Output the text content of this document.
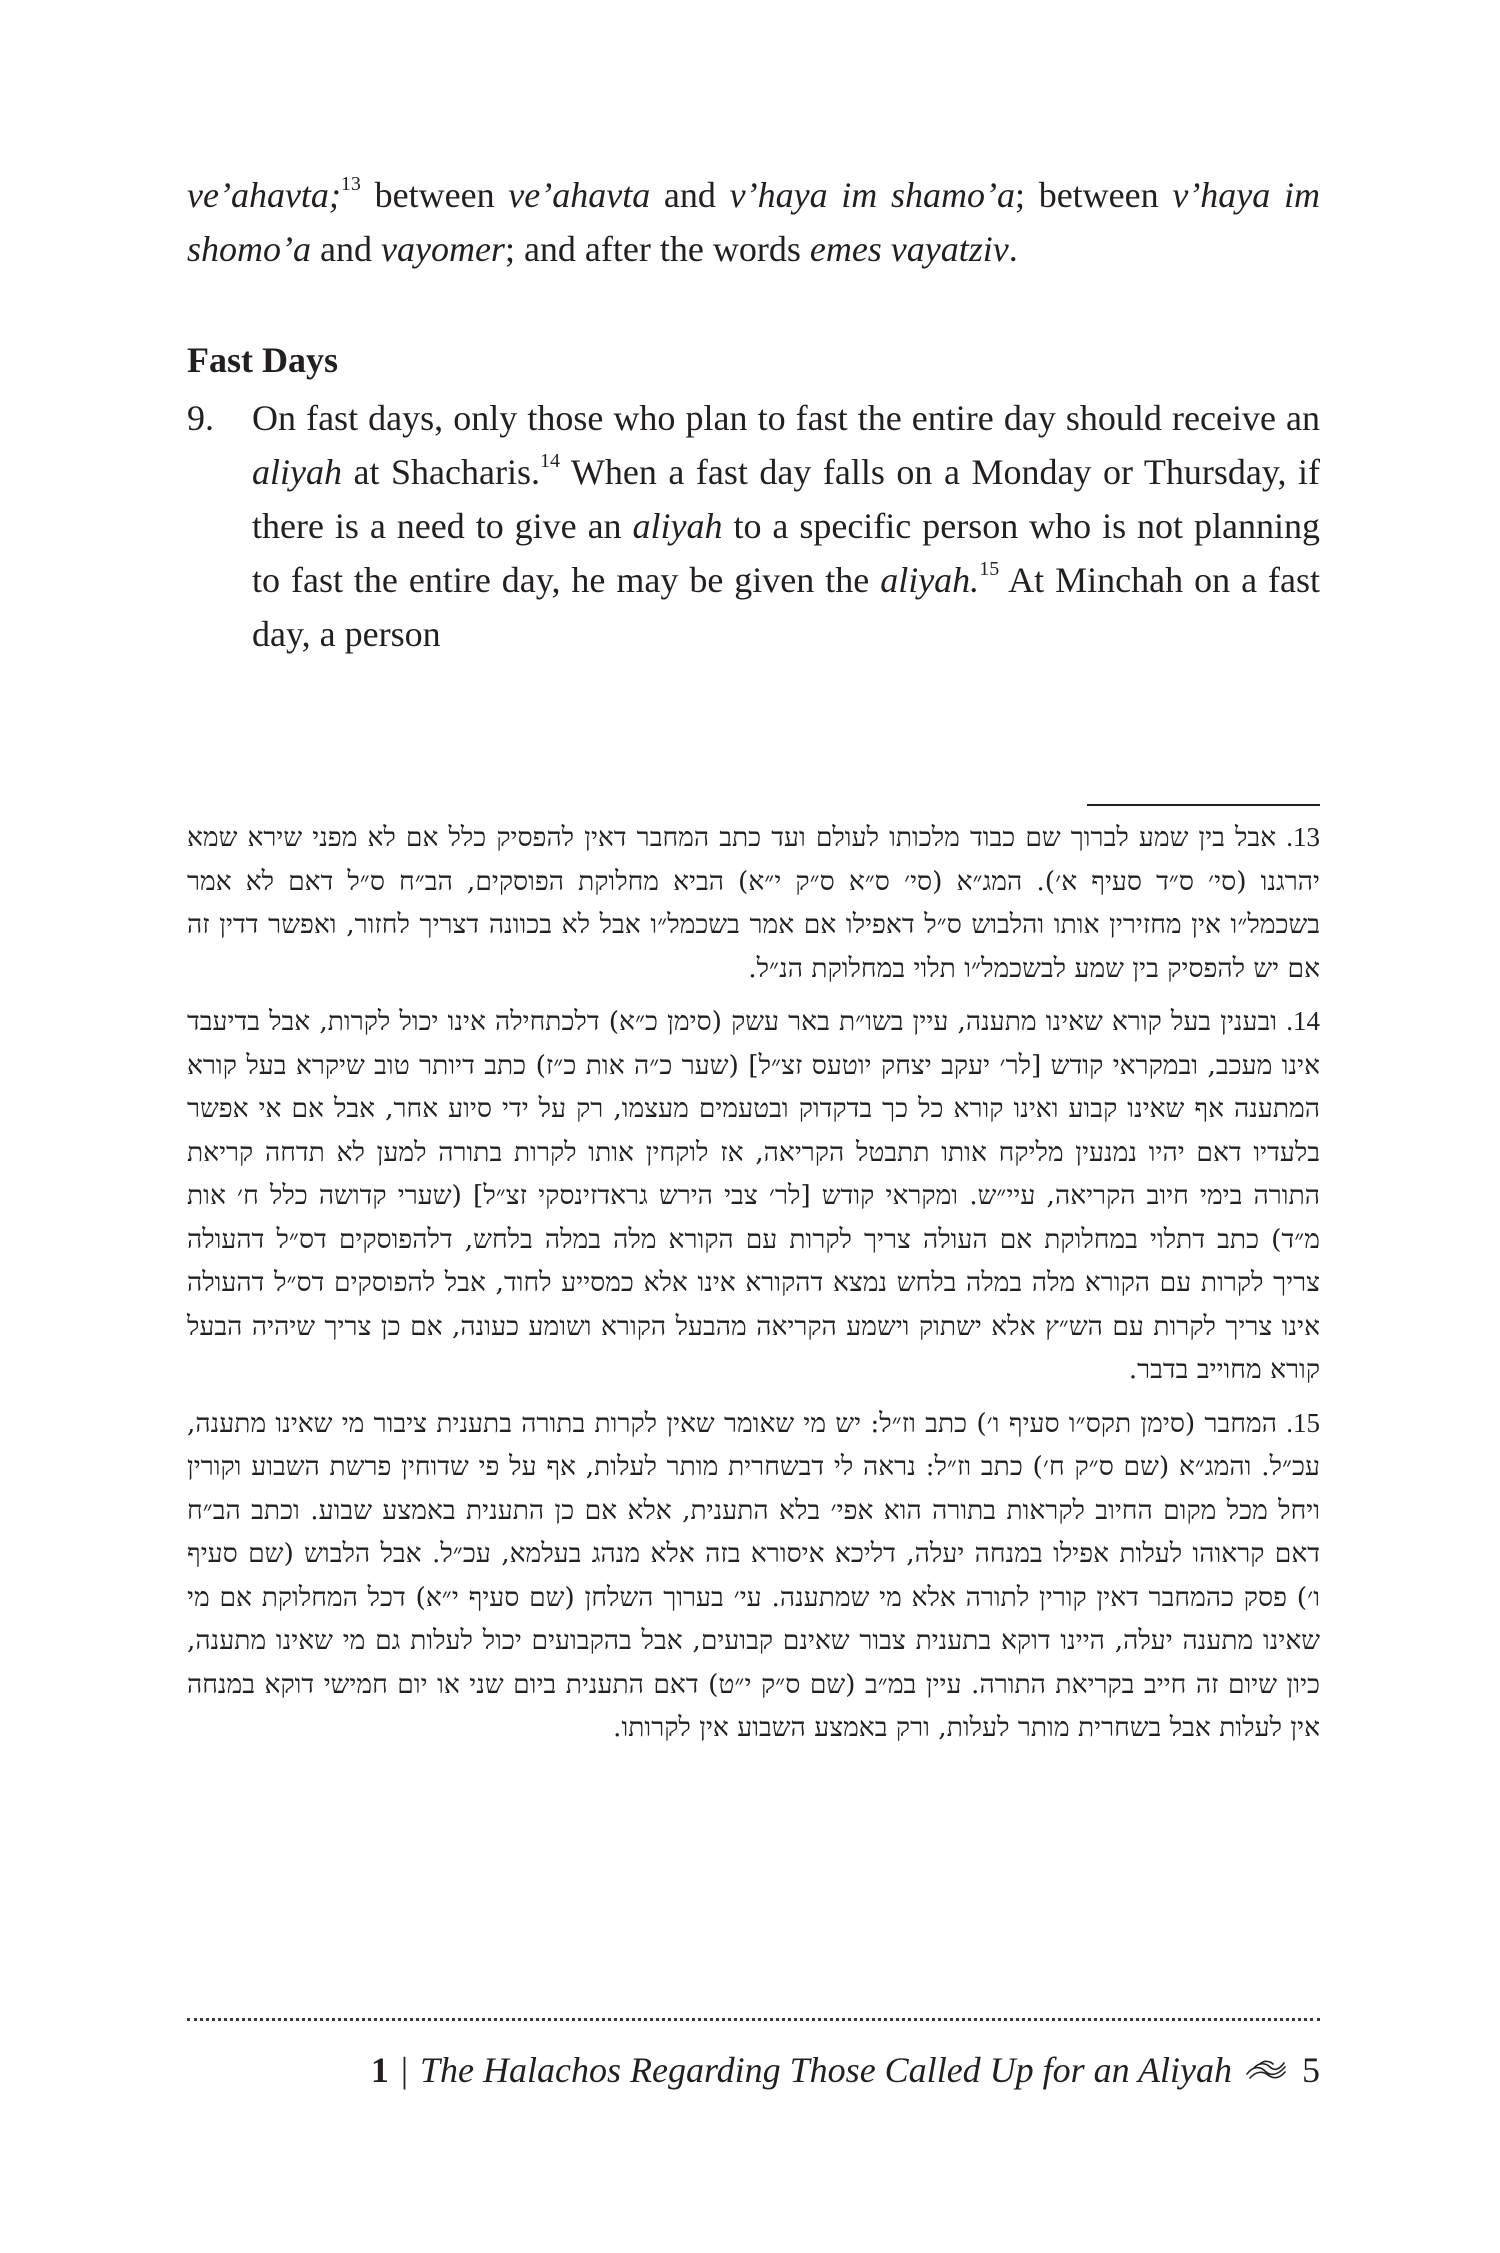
ve’ahavta;$^{13}$ between ve’ahavta and v’haya im shamo’a; between v’haya im shomo’a and vayomer; and after the words emes vayatziv.

Fast Days

9.	On fast days, only those who plan to fast the entire day should receive an aliyah at Shacharis.$^{14}$ When a fast day falls on a Monday or Thursday, if there is a need to give an aliyah to a specific person who is not planning to fast the entire day, he may be given the aliyah.$^{15}$ At Minchah on a fast day, a person

13. אבל בין שמע לברוך שם כבוד מלכותו לעולם ועד כתב המחבר דאין להפסיק כלל אם לא מפני שירא שמא יהרגנו (סי׳ ס״ד סעיף א׳). המג״א (סי׳ ס״א ס״ק י״א) הביא מחלוקת הפוסקים, הב״ח ס״ל דאם לא אמר בשכמל״ו אין מחזירין אותו והלבוש ס״ל דאפילו אם אמר בשכמל״ו אבל לא בכוונה דצריך לחזור, ואפשר דדין זה אם יש להפסיק בין שמע לבשכמל״ו תלוי במחלוקת הנ״ל.

14. ובענין בעל קורא שאינו מתענה, עיין בשו״ת באר עשק (סימן כ״א) דלכתחילה אינו יכול לקרות, אבל בדיעבד אינו מעכב, ובמקראי קודש [לר׳ יעקב יצחק יוטעס זצ״ל] (שער כ״ה אות כ״ז) כתב דיותר טוב שיקרא בעל קורא המתענה אף שאינו קבוע ואינו קורא כל כך בדקדוק ובטעמים מעצמו, רק על ידי סיוע אחר, אבל אם אי אפשר בלעדיו דאם יהיו נמנעין מליקח אותו תתבטל הקריאה, אז לוקחין אותו לקרות בתורה למען לא תדחה קריאת התורה בימי חיוב הקריאה, עיי״ש. ומקראי קודש [לר׳ צבי הירש גראדזינסקי זצ״ל] (שערי קדושה כלל ח׳ אות מ״ד) כתב דתלוי במחלוקת אם העולה צריך לקרות עם הקורא מלה במלה בלחש, דלהפוסקים דס״ל דהעולה צריך לקרות עם הקורא מלה במלה בלחש נמצא דהקורא אינו אלא כמסייע לחוד, אבל להפוסקים דס״ל דהעולה אינו צריך לקרות עם הש״ץ אלא ישתוק וישמע הקריאה מהבעל הקורא ושומע כעונה, אם כן צריך שיהיה הבעל קורא מחוייב בדבר.

15. המחבר (סימן תקס״ו סעיף ו׳) כתב וז״ל: יש מי שאומר שאין לקרות בתורה בתענית ציבור מי שאינו מתענה, עכ״ל. והמג״א (שם ס״ק ח׳) כתב וז״ל: נראה לי דבשחרית מותר לעלות, אף על פי שדוחין פרשת השבוע וקורין ויחל מכל מקום החיוב לקראות בתורה הוא אפי׳ בלא התענית, אלא אם כן התענית באמצע שבוע. וכתב הב״ח דאם קראוהו לעלות אפילו במנחה יעלה, דליכא איסורא בזה אלא מנהג בעלמא, עכ״ל. אבל הלבוש (שם סעיף ו׳) פסק כהמחבר דאין קורין לתורה אלא מי שמתענה. עי׳ בערוך השלחן (שם סעיף י״א) דכל המחלוקת אם מי שאינו מתענה יעלה, היינו דוקא בתענית צבור שאינם קבועים, אבל בהקבועים יכול לעלות גם מי שאינו מתענה, כיון שיום זה חייב בקריאת התורה. עיין במ״ב (שם ס״ק י״ט) דאם התענית ביום שני או יום חמישי דוקא במנחה אין לעלות אבל בשחרית מותר לעלות, ורק באמצע השבוע אין לקרותו.

1 | The Halachos Regarding Those Called Up for an Aliyah 5
